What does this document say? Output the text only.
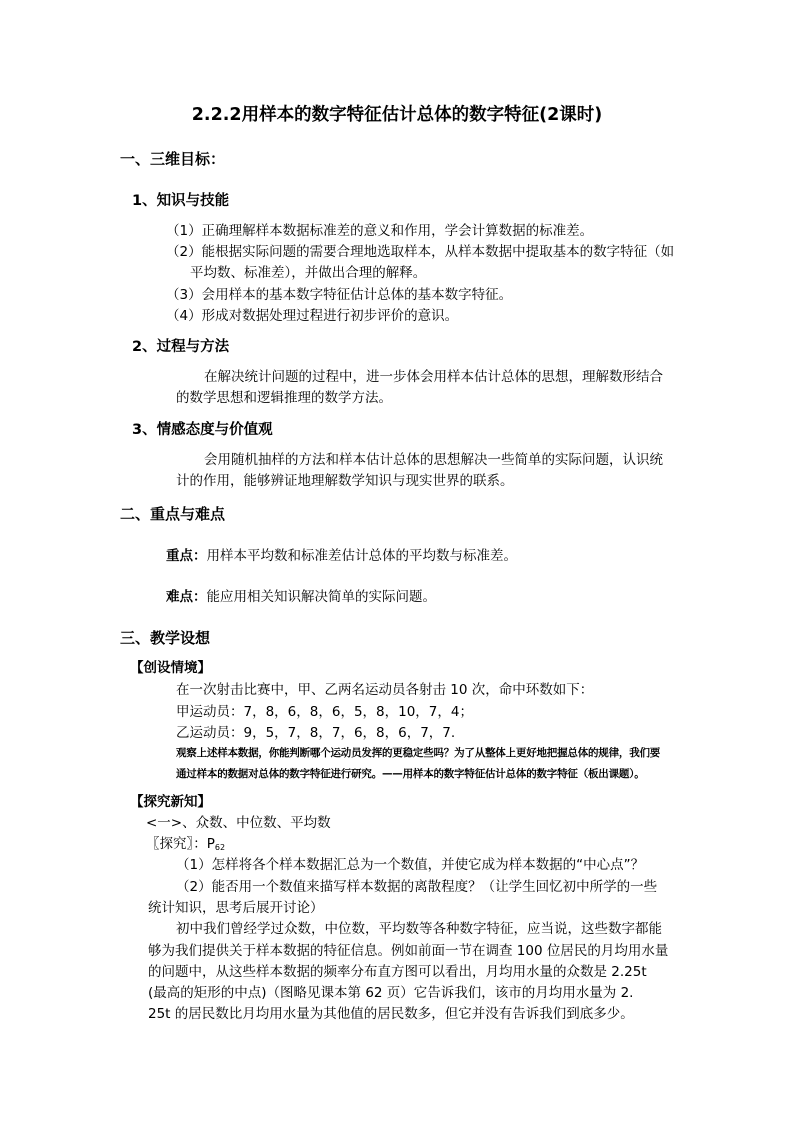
2.2.2用样本的数字特征估计总体的数字特征(2课时)
一、三维目标：
1、知识与技能
（1）正确理解样本数据标准差的意义和作用，学会计算数据的标准差。
（2）能根据实际问题的需要合理地选取样本，从样本数据中提取基本的数字特征（如
平均数、标准差），并做出合理的解释。
（3）会用样本的基本数字特征估计总体的基本数字特征。
（4）形成对数据处理过程进行初步评价的意识。
2、过程与方法
在解决统计问题的过程中，进一步体会用样本估计总体的思想，理解数形结合
的数学思想和逻辑推理的数学方法。
3、情感态度与价值观
会用随机抽样的方法和样本估计总体的思想解决一些简单的实际问题，认识统
计的作用，能够辨证地理解数学知识与现实世界的联系。
二、重点与难点
重点：用样本平均数和标准差估计总体的平均数与标准差。
难点：能应用相关知识解决简单的实际问题。
三、教学设想
【创设情境】
在一次射击比赛中，甲、乙两名运动员各射击 10 次，命中环数如下：
甲运动员：7，8，6，8，6，5，8，10，7，4；
乙运动员：9，5，7，8，7，6，8，6，7，7.
观察上述样本数据，你能判断哪个运动员发挥的更稳定些吗？为了从整体上更好地把握总体的规律，我们要
通过样本的数据对总体的数字特征进行研究。——用样本的数字特征估计总体的数字特征（板出课题）。
【探究新知】
<一>、众数、中位数、平均数
〖探究〗：$P_{62}$
（1）怎样将各个样本数据汇总为一个数值，并使它成为样本数据的“中心点”？
（2）能否用一个数值来描写样本数据的离散程度？（让学生回忆初中所学的一些
统计知识，思考后展开讨论）
初中我们曾经学过众数，中位数，平均数等各种数字特征，应当说，这些数字都能
够为我们提供关于样本数据的特征信息。例如前面一节在调查 100 位居民的月均用水量
的问题中，从这些样本数据的频率分布直方图可以看出，月均用水量的众数是 2.25t
(最高的矩形的中点)（图略见课本第 62 页）它告诉我们，该市的月均用水量为 2.
25t 的居民数比月均用水量为其他值的居民数多，但它并没有告诉我们到底多少。
